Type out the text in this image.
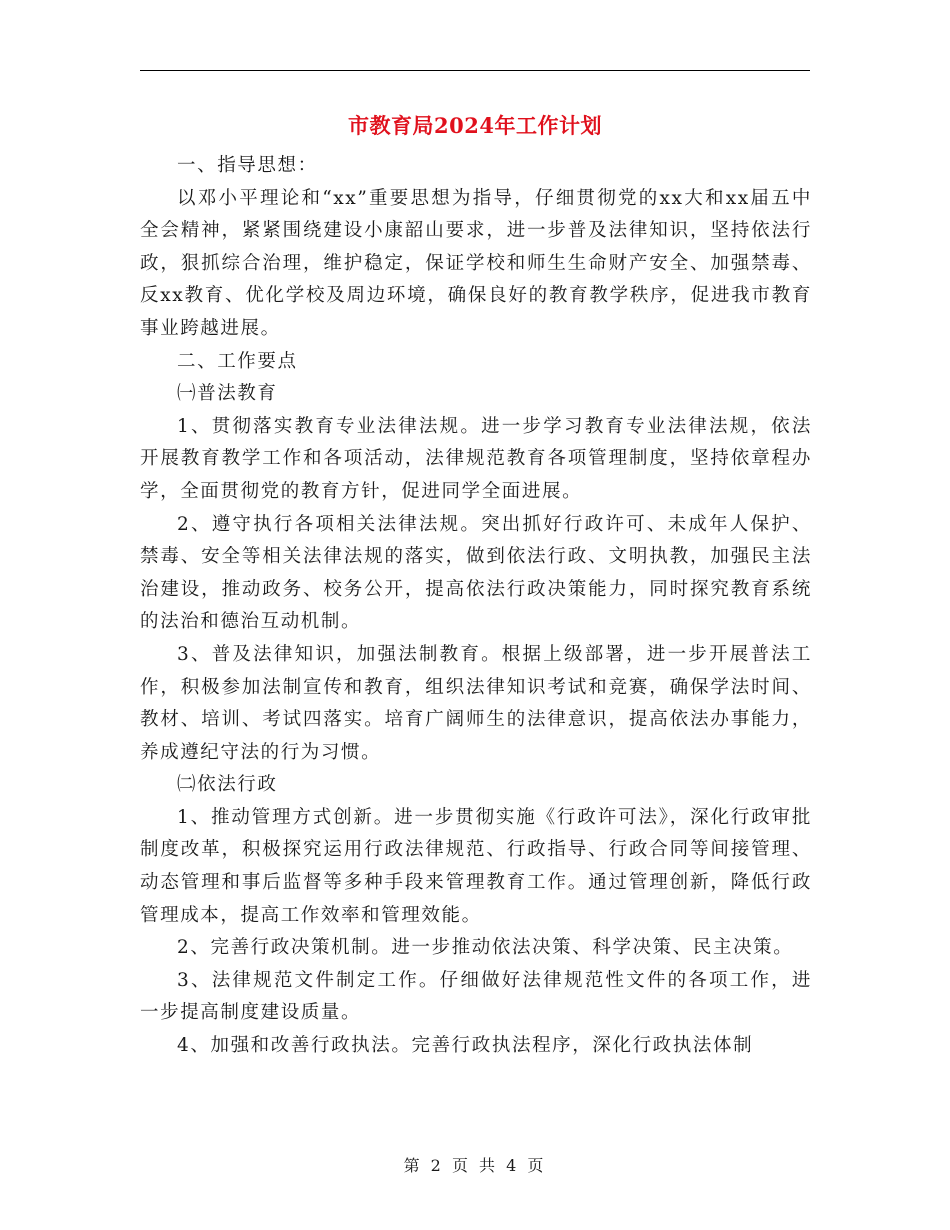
市教育局2024年工作计划

一、指导思想：

以邓小平理论和“xx”重要思想为指导，仔细贯彻党的xx大和xx届五中全会精神，紧紧围绕建设小康韶山要求，进一步普及法律知识，坚持依法行政，狠抓综合治理，维护稳定，保证学校和师生生命财产安全、加强禁毒、反xx教育、优化学校及周边环境，确保良好的教育教学秩序，促进我市教育事业跨越进展。

二、工作要点

㈠普法教育

1、贯彻落实教育专业法律法规。进一步学习教育专业法律法规，依法开展教育教学工作和各项活动，法律规范教育各项管理制度，坚持依章程办学，全面贯彻党的教育方针，促进同学全面进展。

2、遵守执行各项相关法律法规。突出抓好行政许可、未成年人保护、禁毒、安全等相关法律法规的落实，做到依法行政、文明执教，加强民主法治建设，推动政务、校务公开，提高依法行政决策能力，同时探究教育系统的法治和德治互动机制。

3、普及法律知识，加强法制教育。根据上级部署，进一步开展普法工作，积极参加法制宣传和教育，组织法律知识考试和竞赛，确保学法时间、教材、培训、考试四落实。培育广阔师生的法律意识，提高依法办事能力，养成遵纪守法的行为习惯。

㈡依法行政

1、推动管理方式创新。进一步贯彻实施《行政许可法》，深化行政审批制度改革，积极探究运用行政法律规范、行政指导、行政合同等间接管理、动态管理和事后监督等多种手段来管理教育工作。通过管理创新，降低行政管理成本，提高工作效率和管理效能。

2、完善行政决策机制。进一步推动依法决策、科学决策、民主决策。

3、法律规范文件制定工作。仔细做好法律规范性文件的各项工作，进一步提高制度建设质量。

4、加强和改善行政执法。完善行政执法程序，深化行政执法体制

第 2 页 共 4 页
